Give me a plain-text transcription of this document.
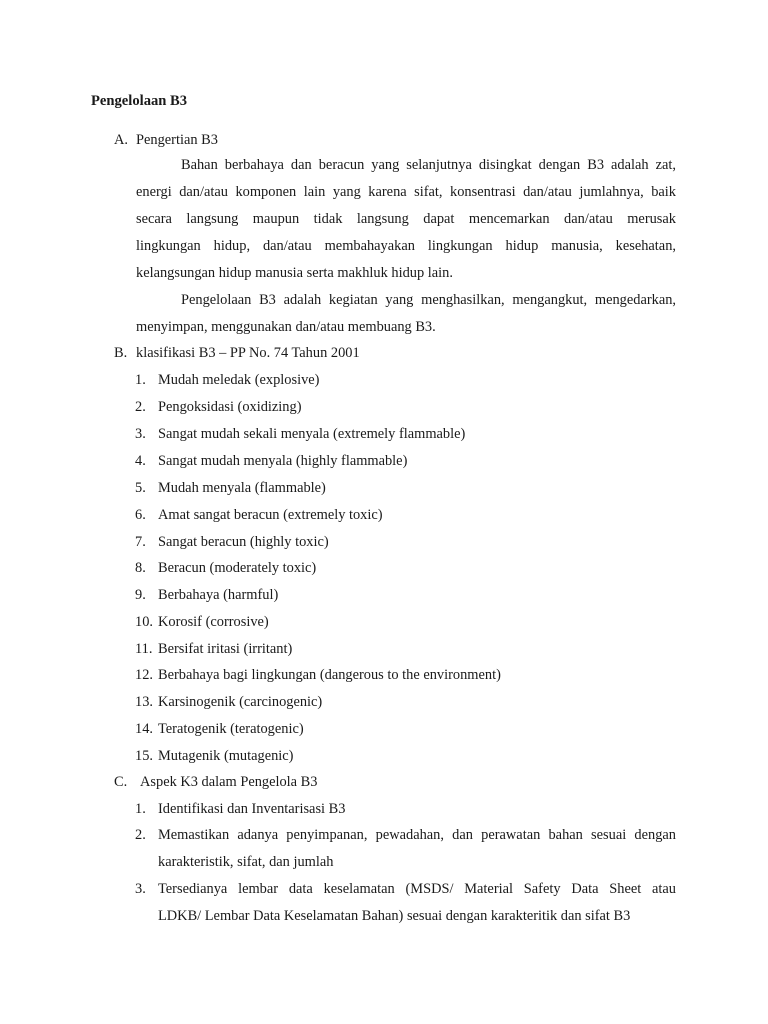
Pengelolaan B3
A. Pengertian B3
Bahan berbahaya dan beracun yang selanjutnya disingkat dengan B3 adalah zat,
energi dan/atau komponen lain yang karena sifat, konsentrasi dan/atau jumlahnya, baik
secara langsung maupun tidak langsung dapat mencemarkan dan/atau merusak
lingkungan hidup, dan/atau membahayakan lingkungan hidup manusia, kesehatan,
kelangsungan hidup manusia serta makhluk hidup lain.
Pengelolaan B3 adalah kegiatan yang menghasilkan, mengangkut, mengedarkan,
menyimpan, menggunakan dan/atau membuang B3.
B. klasifikasi B3 – PP No. 74 Tahun 2001
1. Mudah meledak (explosive)
2. Pengoksidasi (oxidizing)
3. Sangat mudah sekali menyala (extremely flammable)
4. Sangat mudah menyala (highly flammable)
5. Mudah menyala (flammable)
6. Amat sangat beracun (extremely toxic)
7. Sangat beracun (highly toxic)
8. Beracun (moderately toxic)
9. Berbahaya (harmful)
10. Korosif (corrosive)
11. Bersifat iritasi (irritant)
12. Berbahaya bagi lingkungan (dangerous to the environment)
13. Karsinogenik (carcinogenic)
14. Teratogenik (teratogenic)
15. Mutagenik (mutagenic)
C. Aspek K3 dalam Pengelola B3
1. Identifikasi dan Inventarisasi B3
2. Memastikan adanya penyimpanan, pewadahan, dan perawatan bahan sesuai dengan
karakteristik, sifat, dan jumlah
3. Tersedianya lembar data keselamatan (MSDS/ Material Safety Data Sheet atau
LDKB/ Lembar Data Keselamatan Bahan) sesuai dengan karakteritik dan sifat B3
